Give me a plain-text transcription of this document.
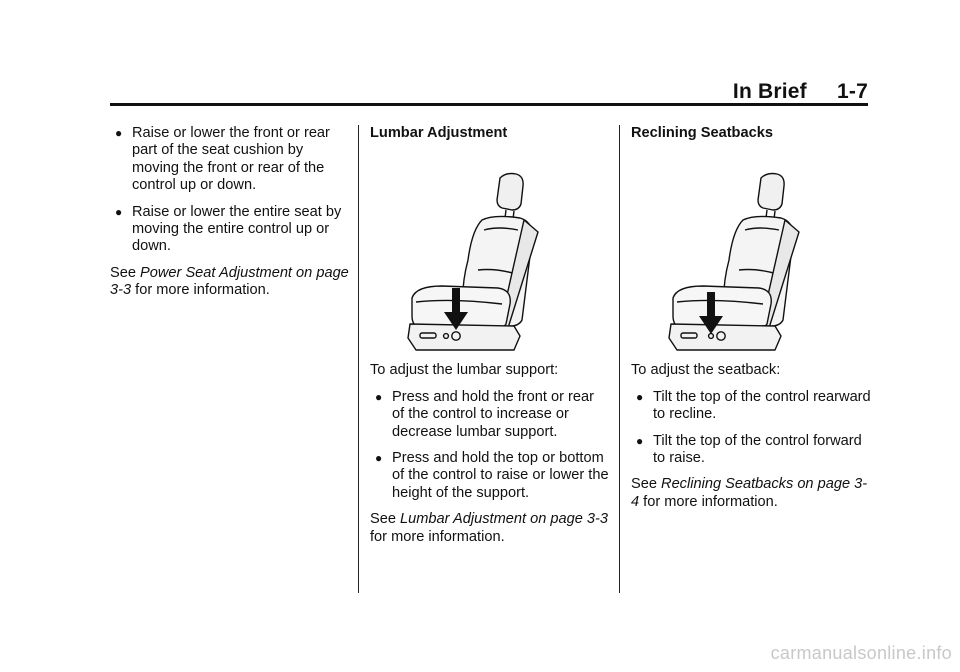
In Brief     1-7
● Raise or lower the front or rear part of the seat cushion by moving the front or rear of the control up or down.
● Raise or lower the entire seat by moving the entire control up or down.
See Power Seat Adjustment on page 3-3 for more information.
Lumbar Adjustment
To adjust the lumbar support:
● Press and hold the front or rear of the control to increase or decrease lumbar support.
● Press and hold the top or bottom of the control to raise or lower the height of the support.
See Lumbar Adjustment on page 3-3 for more information.
Reclining Seatbacks
To adjust the seatback:
● Tilt the top of the control rearward to recline.
● Tilt the top of the control forward to raise.
See Reclining Seatbacks on page 3-4 for more information.
carmanualsonline.info
